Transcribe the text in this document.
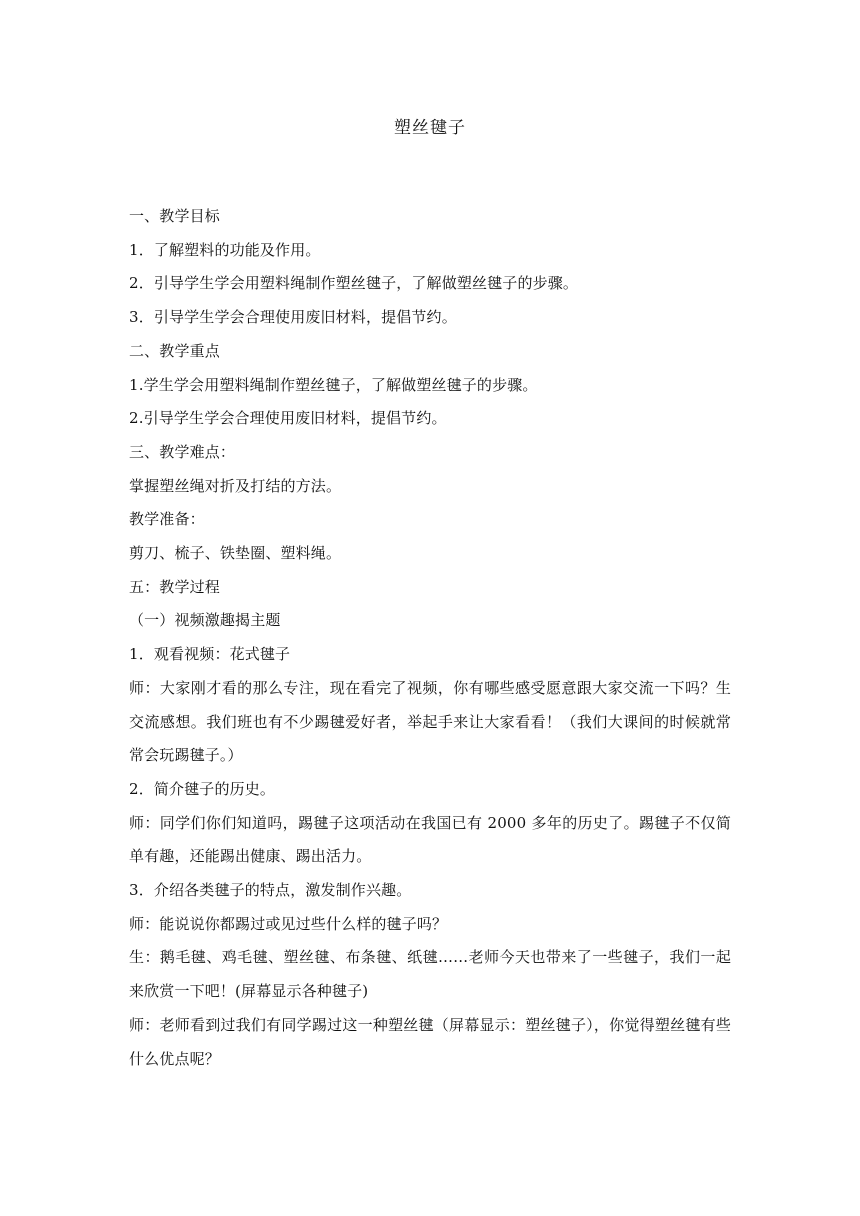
塑丝毽子
一、教学目标
1．了解塑料的功能及作用。
2．引导学生学会用塑料绳制作塑丝毽子，了解做塑丝毽子的步骤。
3．引导学生学会合理使用废旧材料，提倡节约。
二、教学重点
1.学生学会用塑料绳制作塑丝毽子，了解做塑丝毽子的步骤。
2.引导学生学会合理使用废旧材料，提倡节约。
三、教学难点：
掌握塑丝绳对折及打结的方法。
教学准备：
剪刀、梳子、铁垫圈、塑料绳。
五：教学过程
（一）视频激趣揭主题
1．观看视频：花式毽子
师：大家刚才看的那么专注，现在看完了视频，你有哪些感受愿意跟大家交流一下吗？生交流感想。我们班也有不少踢毽爱好者，举起手来让大家看看！（我们大课间的时候就常常会玩踢毽子。）
2．简介毽子的历史。
师：同学们你们知道吗，踢毽子这项活动在我国已有 2000 多年的历史了。踢毽子不仅简单有趣，还能踢出健康、踢出活力。
3．介绍各类毽子的特点，激发制作兴趣。
师：能说说你都踢过或见过些什么样的毽子吗？
生：鹅毛毽、鸡毛毽、塑丝毽、布条毽、纸毽……老师今天也带来了一些毽子，我们一起来欣赏一下吧！(屏幕显示各种毽子)
师：老师看到过我们有同学踢过这一种塑丝毽（屏幕显示：塑丝毽子），你觉得塑丝毽有些什么优点呢？
